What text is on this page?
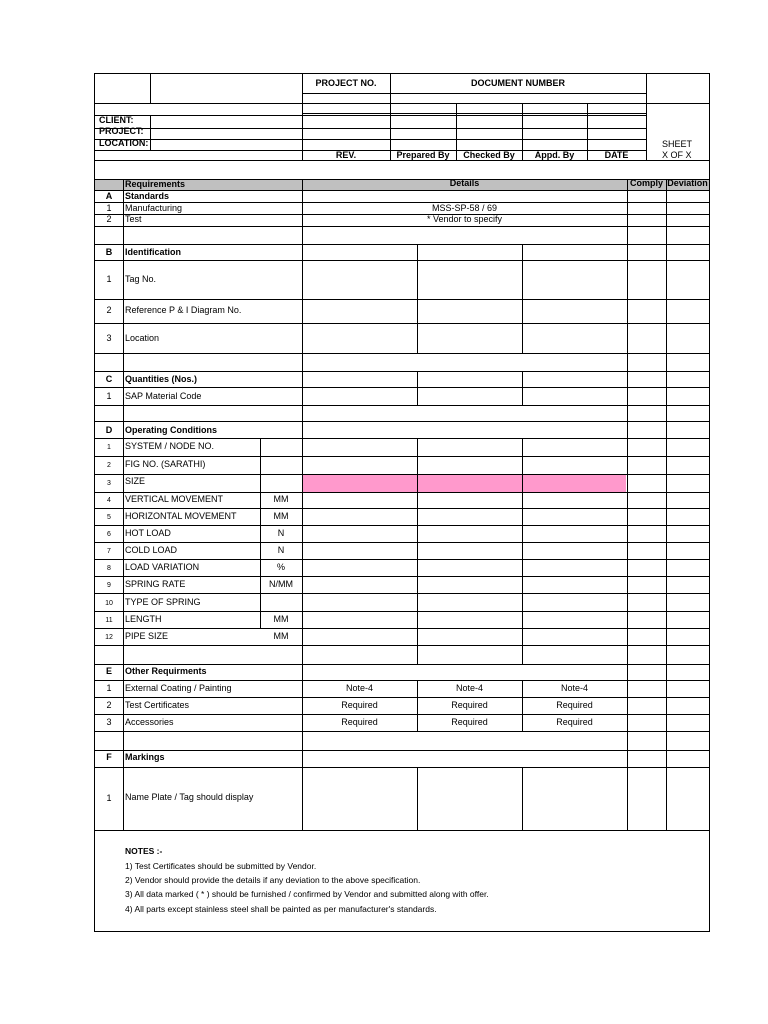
PROJECT NO.	DOCUMENT NUMBER
CLIENT:
PROJECT:
LOCATION:
REV.	Prepared By	Checked By	Appd. By	DATE
SHEET
X OF X
Requirements	Details	Comply Deviation
A	Standards
1	Manufacturing	MSS-SP-58 / 69
2	Test	* Vendor to specify
B	Identification
1	Tag No.
2	Reference P & I Diagram No.
3	Location
C	Quantities (Nos.)
1	SAP Material Code
D	Operating Conditions
1	SYSTEM / NODE NO.
2	FIG NO. (SARATHI)
3	SIZE
4	VERTICAL MOVEMENT	MM
5	HORIZONTAL MOVEMENT	MM
6	HOT LOAD	N
7	COLD LOAD	N
8	LOAD VARIATION	%
9	SPRING RATE	N/MM
10	TYPE OF SPRING
11	LENGTH	MM
12	PIPE SIZE	MM
E	Other Requirments
1	External Coating / Painting	Note-4	Note-4	Note-4
2	Test Certificates	Required	Required	Required
3	Accessories	Required	Required	Required
F	Markings
1	Name Plate / Tag should display
NOTES :-
1) Test Certificates should be submitted by Vendor.
2) Vendor should provide the details if any deviation to the above specification.
3) All data marked ( * ) should be furnished / confirmed by Vendor and submitted along with offer.
4) All parts except stainless steel shall be painted as per manufacturer's standards.
